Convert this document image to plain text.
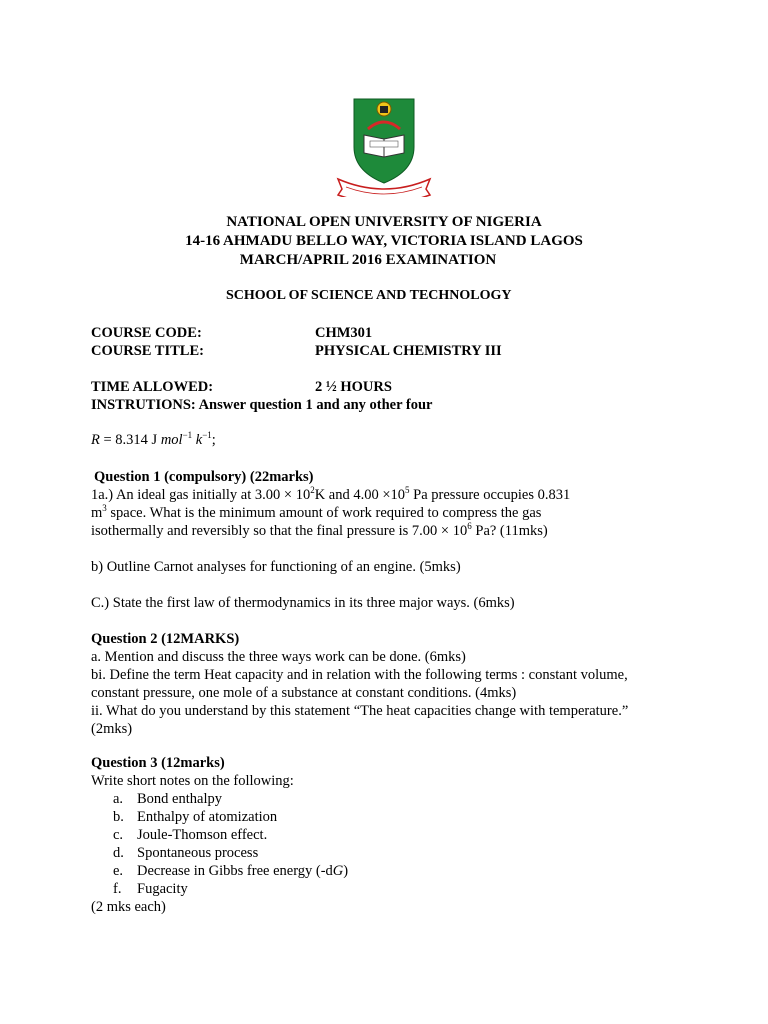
NATIONAL OPEN UNIVERSITY OF NIGERIA
14-16 AHMADU BELLO WAY, VICTORIA ISLAND LAGOS
MARCH/APRIL 2016 EXAMINATION
SCHOOL OF SCIENCE AND TECHNOLOGY
COURSE CODE:	CHM301
COURSE TITLE:	PHYSICAL CHEMISTRY III
TIME ALLOWED:	2 ½ HOURS
INSTRUTIONS: Answer question 1 and any other four
R = 8.314 J mol$^{-1}$ $k^{-1}$;
Question 1 (compulsory) (22marks)
1a.) An ideal gas initially at $3.00 \times 10^2K$ and $4.00 \times 10^5$ Pa pressure occupies 0.831
$m^3$ space. What is the minimum amount of work required to compress the gas
isothermally and reversibly so that the final pressure is $7.00 \times 10^6$ Pa? (11mks)
b) Outline Carnot analyses for functioning of an engine. (5mks)
C.) State the first law of thermodynamics in its three major ways. (6mks)
Question 2 (12MARKS)
a. Mention and discuss the three ways work can be done. (6mks)
bi. Define the term Heat capacity and in relation with the following terms : constant volume,
constant pressure, one mole of a substance at constant conditions. (4mks)
ii. What do you understand by this statement “The heat capacities change with temperature.”
(2mks)
Question 3 (12marks)
Write short notes on the following:
a. Bond enthalpy
b. Enthalpy of atomization
c. Joule-Thomson effect.
d. Spontaneous process
e. Decrease in Gibbs free energy (-dG)
f. Fugacity
(2 mks each)
